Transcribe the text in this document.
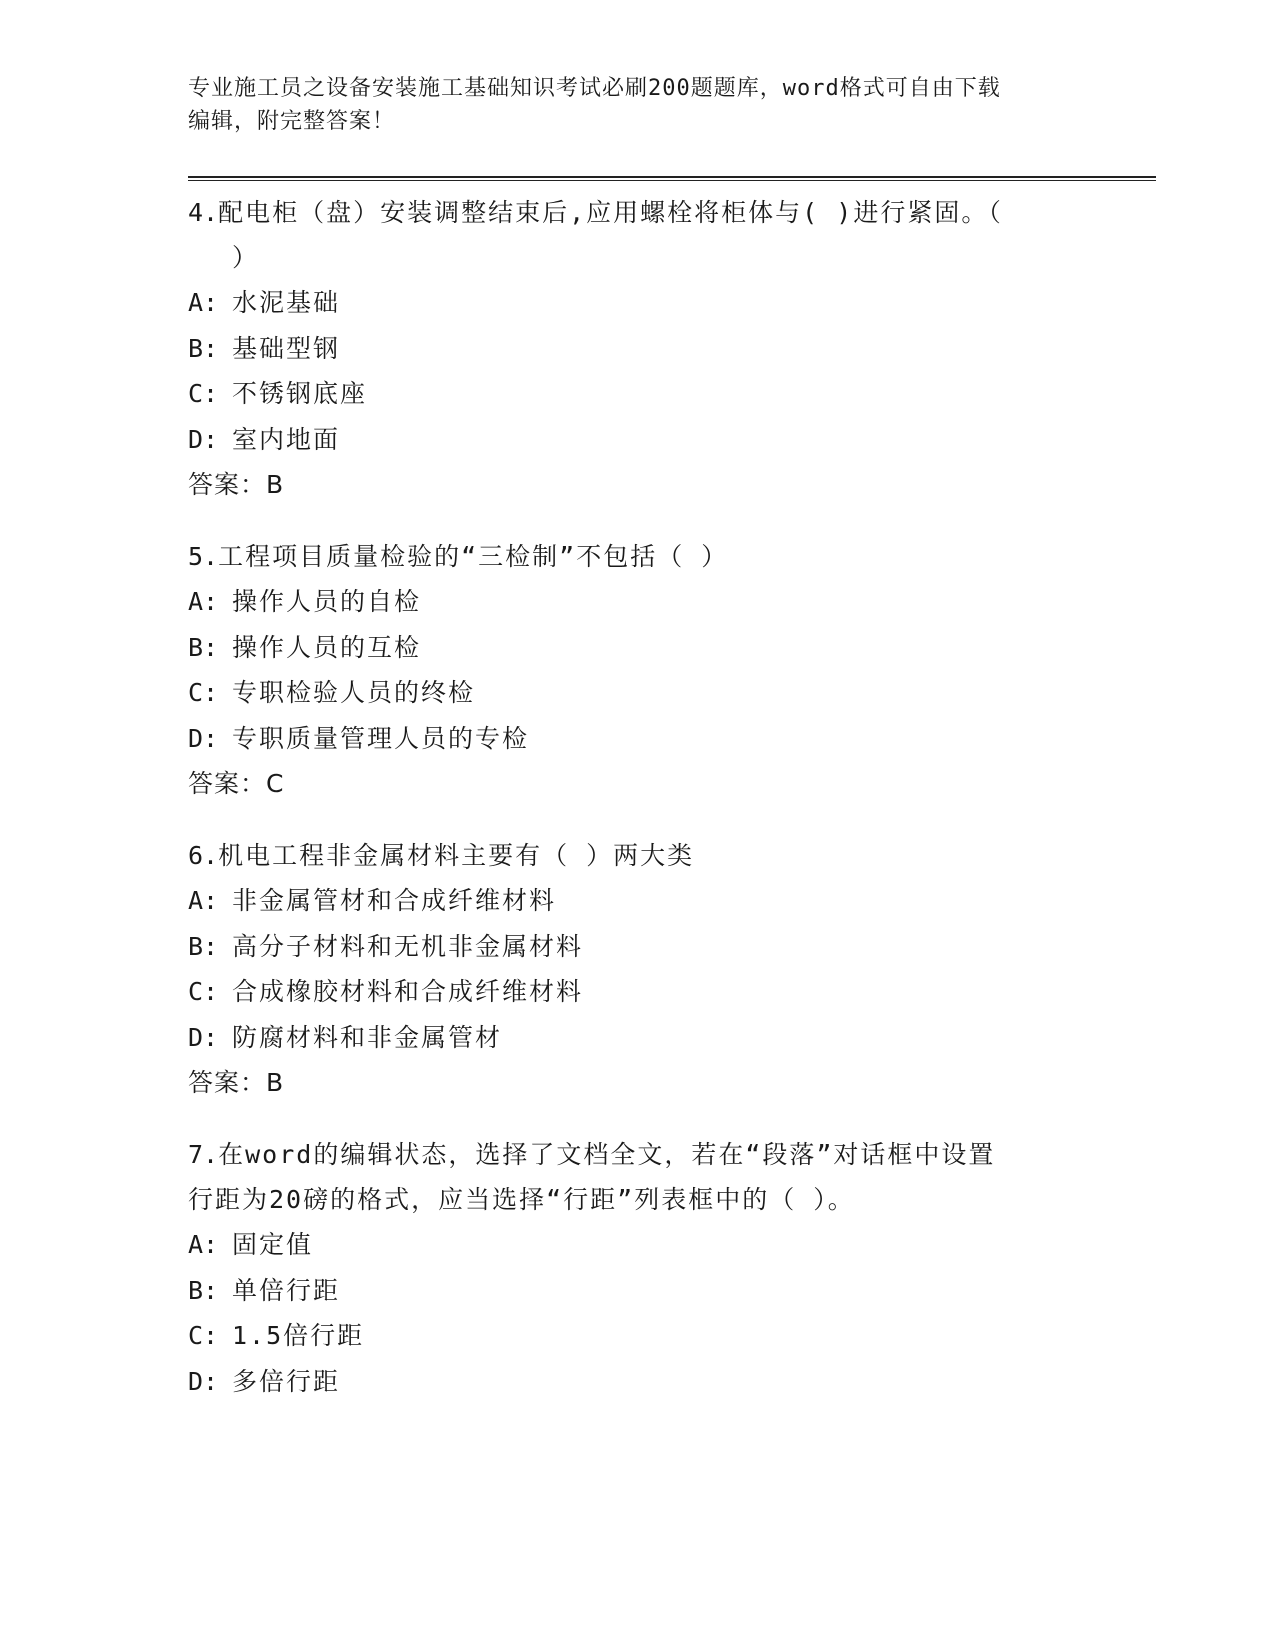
专业施工员之设备安装施工基础知识考试必刷200题题库，word格式可自由下载
编辑，附完整答案！
4.配电柜（盘）安装调整结束后,应用螺栓将柜体与( )进行紧固。（
）
A: 水泥基础
B: 基础型钢
C: 不锈钢底座
D: 室内地面
答案：B
5.工程项目质量检验的“三检制”不包括（ ）
A: 操作人员的自检
B: 操作人员的互检
C: 专职检验人员的终检
D: 专职质量管理人员的专检
答案：C
6.机电工程非金属材料主要有（ ）两大类
A: 非金属管材和合成纤维材料
B: 高分子材料和无机非金属材料
C: 合成橡胶材料和合成纤维材料
D: 防腐材料和非金属管材
答案：B
7.在word的编辑状态，选择了文档全文，若在“段落”对话框中设置
行距为20磅的格式，应当选择“行距”列表框中的（ ）。
A: 固定值
B: 单倍行距
C: 1.5倍行距
D: 多倍行距
